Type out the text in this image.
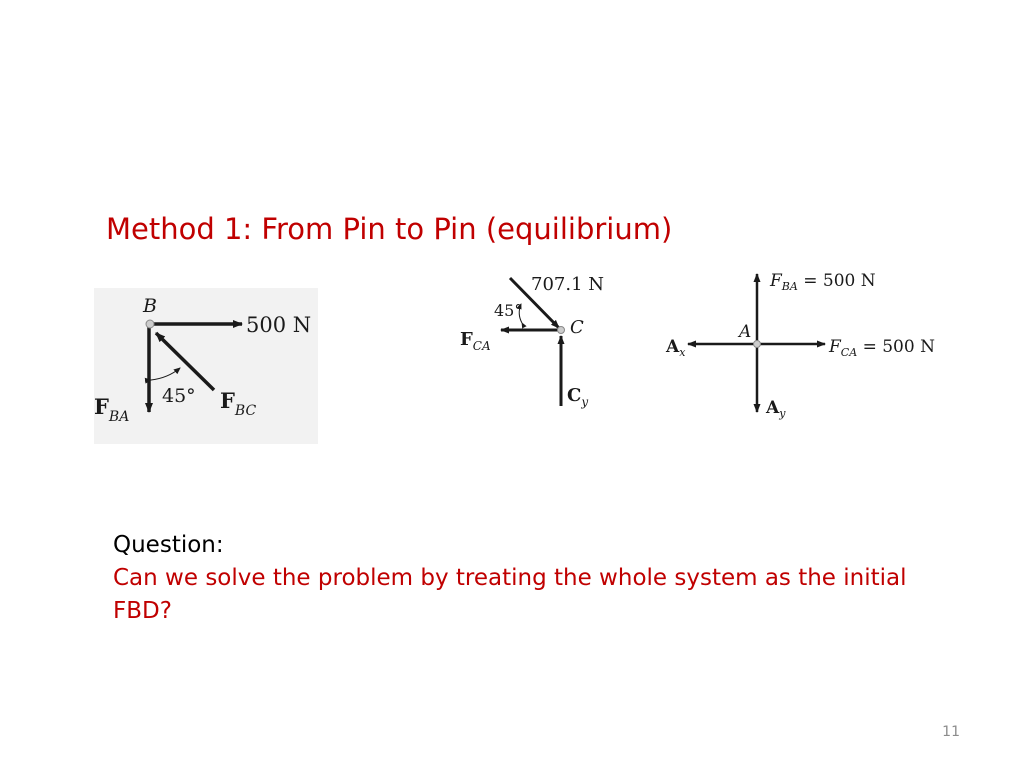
Method 1: From Pin to Pin (equilibrium)
B
500 N
45°
$F_{BA}$
$F_{BC}$
707.1 N
45°
C
$F_{CA}$
$C_y$
A
$F_{BA} = 500$ N
$F_{CA} = 500$ N
$A_x$
$A_y$
Question:
Can we solve the problem by treating the whole system as the initial FBD?
11
